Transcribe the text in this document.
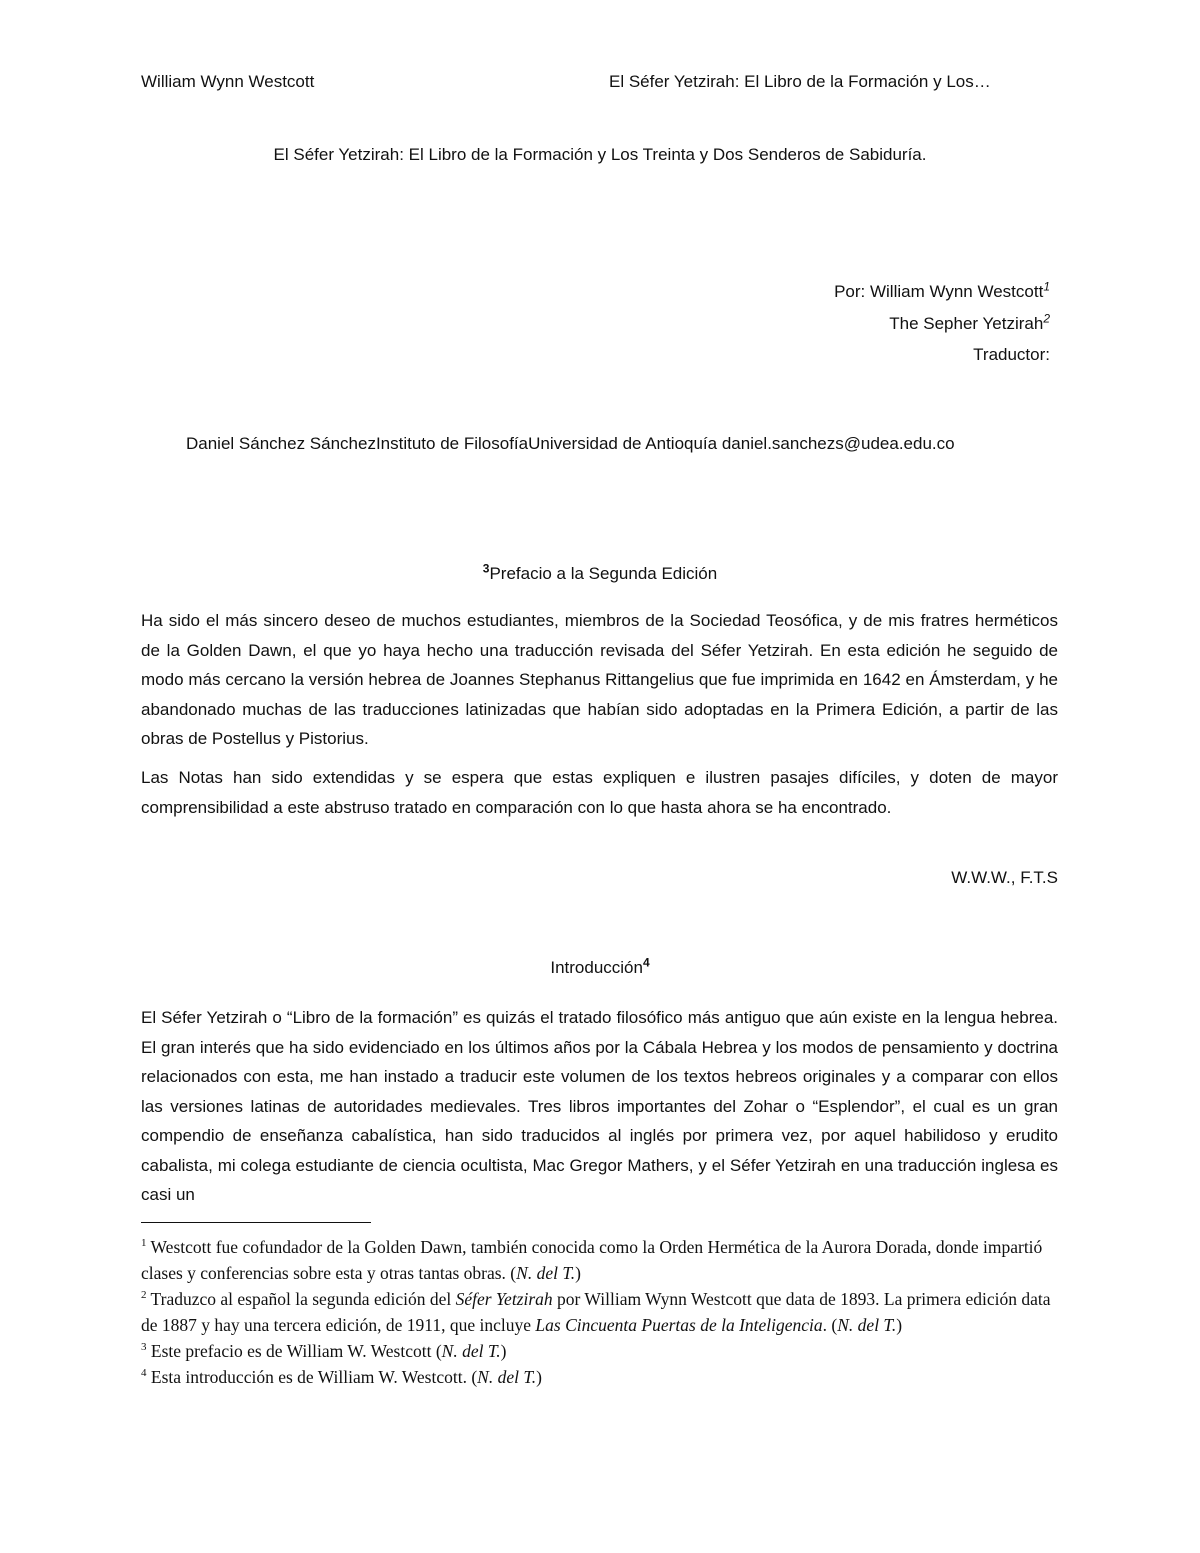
William Wynn Westcott	El Séfer Yetzirah: El Libro de la Formación y Los…
El Séfer Yetzirah: El Libro de la Formación y Los Treinta y Dos Senderos de Sabiduría.
Por: William Wynn Westcott$^1$
The Sepher Yetzirah$^2$
Traductor:
Daniel Sánchez SánchezInstituto de FilosofíaUniversidad de Antioquía daniel.sanchezs@udea.edu.co
$^3$Prefacio a la Segunda Edición
Ha sido el más sincero deseo de muchos estudiantes, miembros de la Sociedad Teosófica, y de mis fratres herméticos de la Golden Dawn, el que yo haya hecho una traducción revisada del Séfer Yetzirah. En esta edición he seguido de modo más cercano la versión hebrea de Joannes Stephanus Rittangelius que fue imprimida en 1642 en Ámsterdam, y he abandonado muchas de las traducciones latinizadas que habían sido adoptadas en la Primera Edición, a partir de las obras de Postellus y Pistorius.
Las Notas han sido extendidas y se espera que estas expliquen e ilustren pasajes difíciles, y doten de mayor comprensibilidad a este abstruso tratado en comparación con lo que hasta ahora se ha encontrado.
W.W.W., F.T.S
Introducción$^4$
El Séfer Yetzirah o “Libro de la formación” es quizás el tratado filosófico más antiguo que aún existe en la lengua hebrea. El gran interés que ha sido evidenciado en los últimos años por la Cábala Hebrea y los modos de pensamiento y doctrina relacionados con esta, me han instado a traducir este volumen de los textos hebreos originales y a comparar con ellos las versiones latinas de autoridades medievales. Tres libros importantes del Zohar o “Esplendor”, el cual es un gran compendio de enseñanza cabalística, han sido traducidos al inglés por primera vez, por aquel habilidoso y erudito cabalista, mi colega estudiante de ciencia ocultista, Mac Gregor Mathers, y el Séfer Yetzirah en una traducción inglesa es casi un

$^1$ Westcott fue cofundador de la Golden Dawn, también conocida como la Orden Hermética de la Aurora Dorada, donde impartió clases y conferencias sobre esta y otras tantas obras. (N. del T.)

$^2$ Traduzco al español la segunda edición del Séfer Yetzirah por William Wynn Westcott que data de 1893. La primera edición data de 1887 y hay una tercera edición, de 1911, que incluye Las Cincuenta Puertas de la Inteligencia. (N. del T.)

$^3$ Este prefacio es de William W. Westcott (N. del T.)

$^4$ Esta introducción es de William W. Westcott. (N. del T.)
